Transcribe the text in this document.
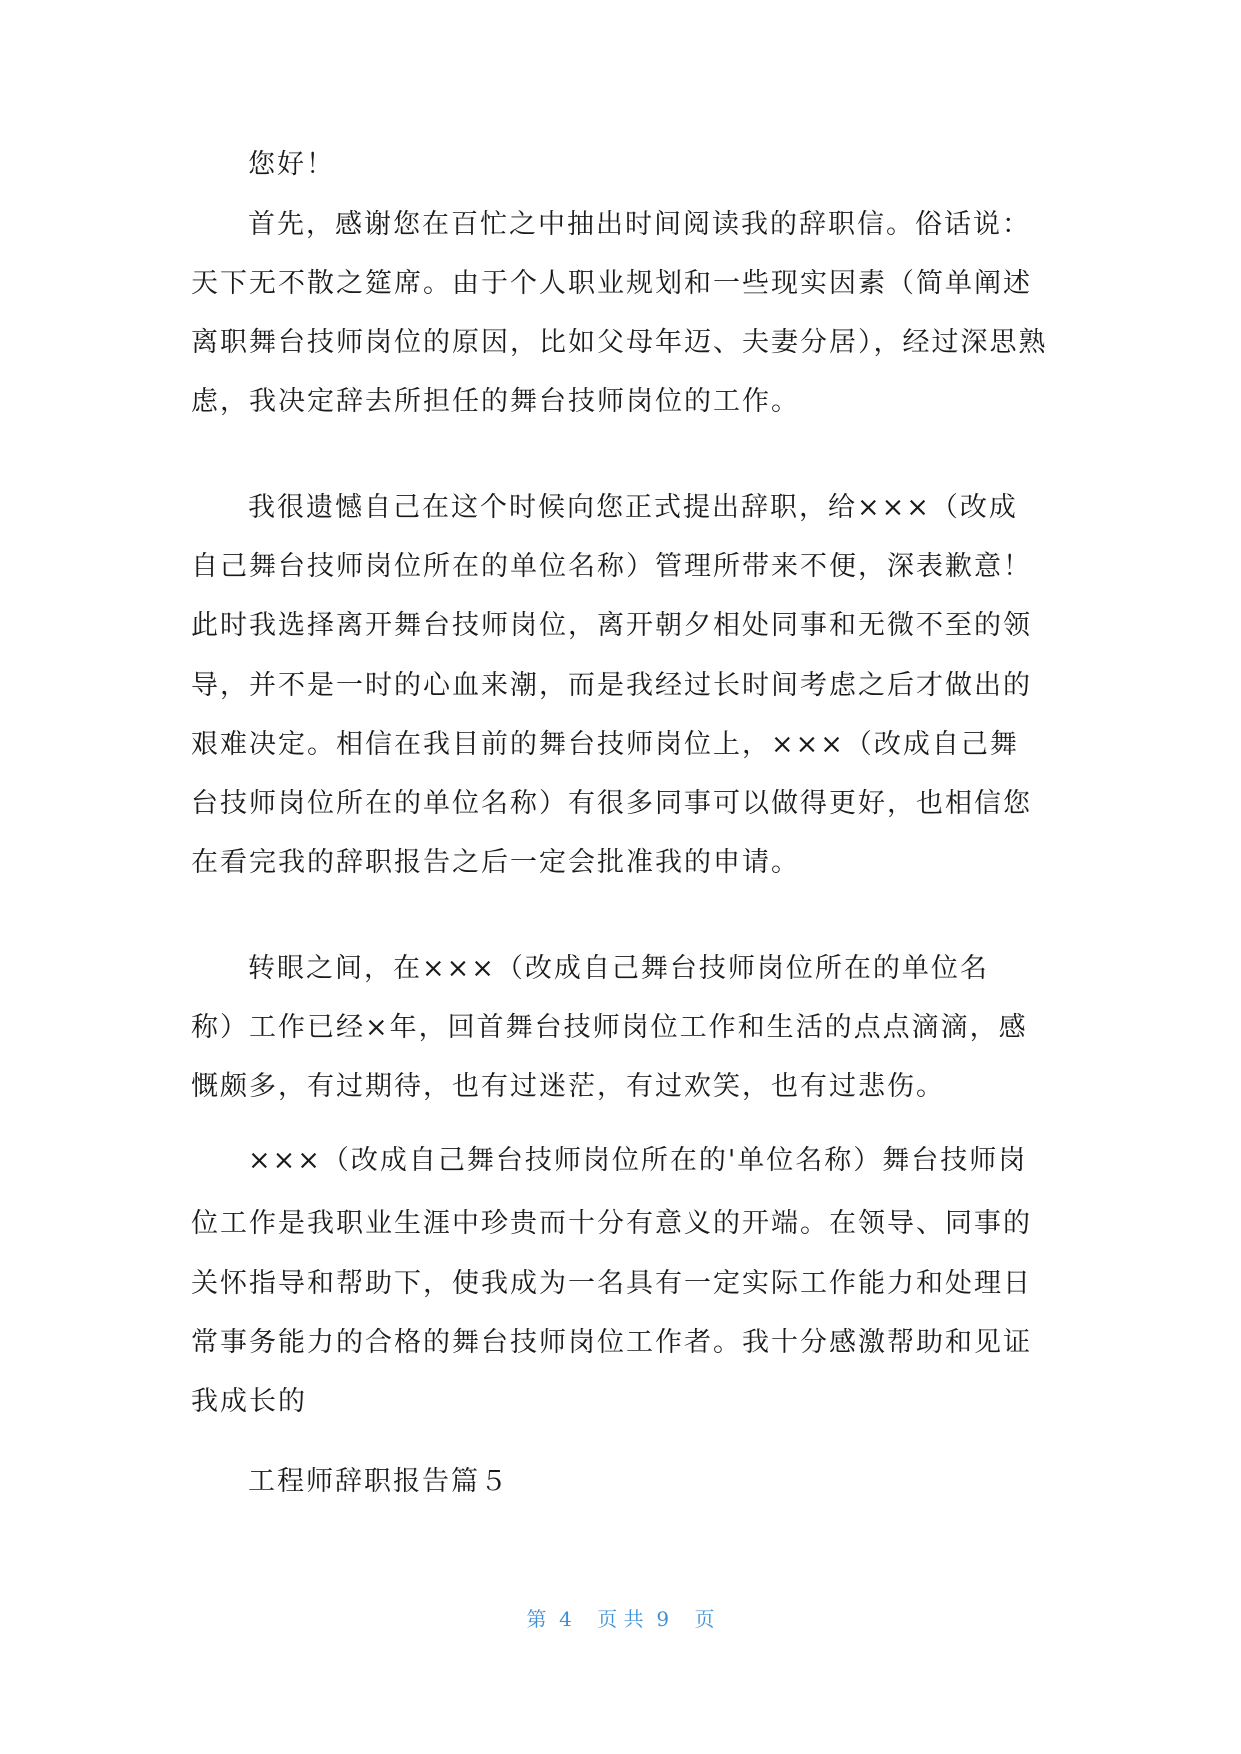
您好！
首先，感谢您在百忙之中抽出时间阅读我的辞职信。俗话说：
天下无不散之筵席。由于个人职业规划和一些现实因素（简单阐述
离职舞台技师岗位的原因，比如父母年迈、夫妻分居），经过深思熟
虑，我决定辞去所担任的舞台技师岗位的工作。
我很遗憾自己在这个时候向您正式提出辞职，给×××（改成
自己舞台技师岗位所在的单位名称）管理所带来不便，深表歉意！
此时我选择离开舞台技师岗位，离开朝夕相处同事和无微不至的领
导，并不是一时的心血来潮，而是我经过长时间考虑之后才做出的
艰难决定。相信在我目前的舞台技师岗位上，×××（改成自己舞
台技师岗位所在的单位名称）有很多同事可以做得更好，也相信您
在看完我的辞职报告之后一定会批准我的申请。
转眼之间，在×××（改成自己舞台技师岗位所在的单位名
称）工作已经×年，回首舞台技师岗位工作和生活的点点滴滴，感
慨颇多，有过期待，也有过迷茫，有过欢笑，也有过悲伤。
×××（改成自己舞台技师岗位所在的'单位名称）舞台技师岗
位工作是我职业生涯中珍贵而十分有意义的开端。在领导、同事的
关怀指导和帮助下，使我成为一名具有一定实际工作能力和处理日
常事务能力的合格的舞台技师岗位工作者。我十分感激帮助和见证
我成长的
工程师辞职报告篇５
第  4    页 共  9    页
